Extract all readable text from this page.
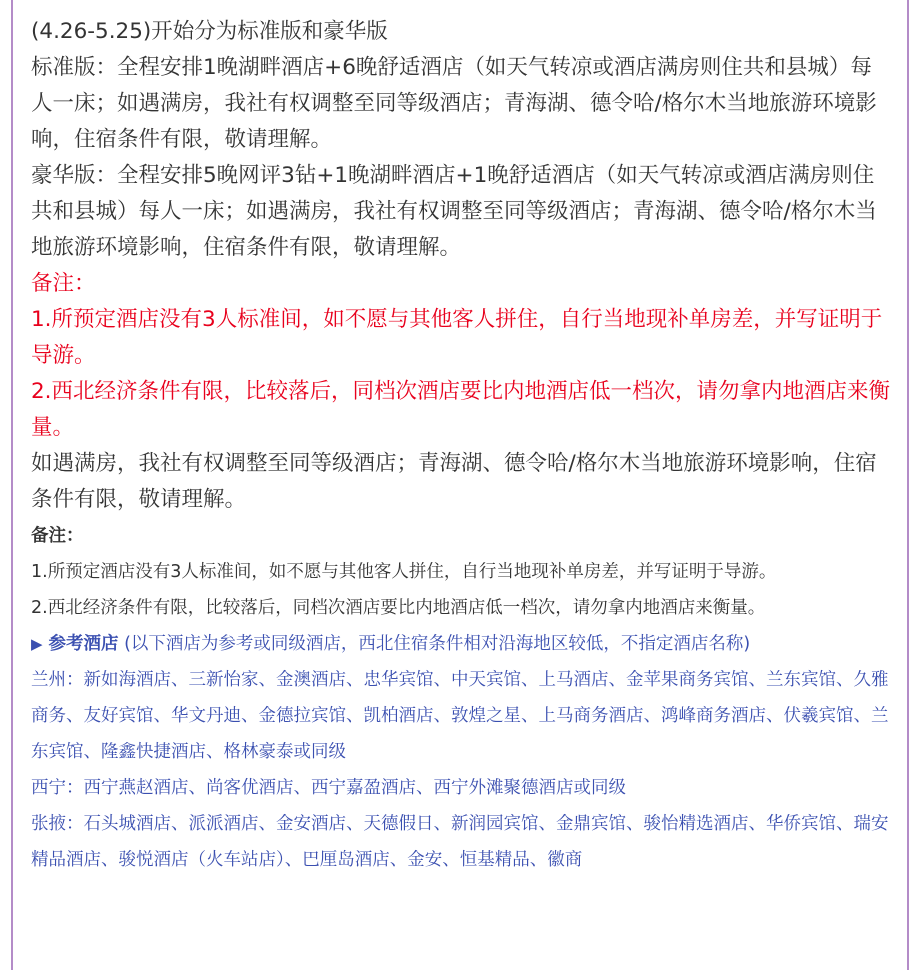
(4.26-5.25)开始分为标准版和豪华版

标准版：全程安排1晚湖畔酒店+6晚舒适酒店（如天气转凉或酒店满房则住共和县城）每人一床；如遇满房，我社有权调整至同等级酒店；青海湖、德令哈/格尔木当地旅游环境影响，住宿条件有限，敬请理解。

豪华版：全程安排5晚网评3钻+1晚湖畔酒店+1晚舒适酒店（如天气转凉或酒店满房则住共和县城）每人一床；如遇满房，我社有权调整至同等级酒店；青海湖、德令哈/格尔木当地旅游环境影响，住宿条件有限，敬请理解。

备注：

1.所预定酒店没有3人标准间，如不愿与其他客人拼住，自行当地现补单房差，并写证明于导游。

2.西北经济条件有限，比较落后，同档次酒店要比内地酒店低一档次，请勿拿内地酒店来衡量。

如遇满房，我社有权调整至同等级酒店；青海湖、德令哈/格尔木当地旅游环境影响，住宿条件有限，敬请理解。

备注：

1.所预定酒店没有3人标准间，如不愿与其他客人拼住，自行当地现补单房差，并写证明于导游。

2.西北经济条件有限，比较落后，同档次酒店要比内地酒店低一档次，请勿拿内地酒店来衡量。

▶ 参考酒店 (以下酒店为参考或同级酒店，西北住宿条件相对沿海地区较低，不指定酒店名称)

兰州：新如海酒店、三新怡家、金澳酒店、忠华宾馆、中天宾馆、上马酒店、金苹果商务宾馆、兰东宾馆、久雅商务、友好宾馆、华文丹迪、金德拉宾馆、凯柏酒店、敦煌之星、上马商务酒店、鸿峰商务酒店、伏羲宾馆、兰东宾馆、隆鑫快捷酒店、格林豪泰或同级

西宁：西宁燕赵酒店、尚客优酒店、西宁嘉盈酒店、西宁外滩聚德酒店或同级

张掖：石头城酒店、派派酒店、金安酒店、天德假日、新润园宾馆、金鼎宾馆、骏怡精选酒店、华侨宾馆、瑞安精品酒店、骏悦酒店（火车站店）、巴厘岛酒店、金安、恒基精品、徽商
